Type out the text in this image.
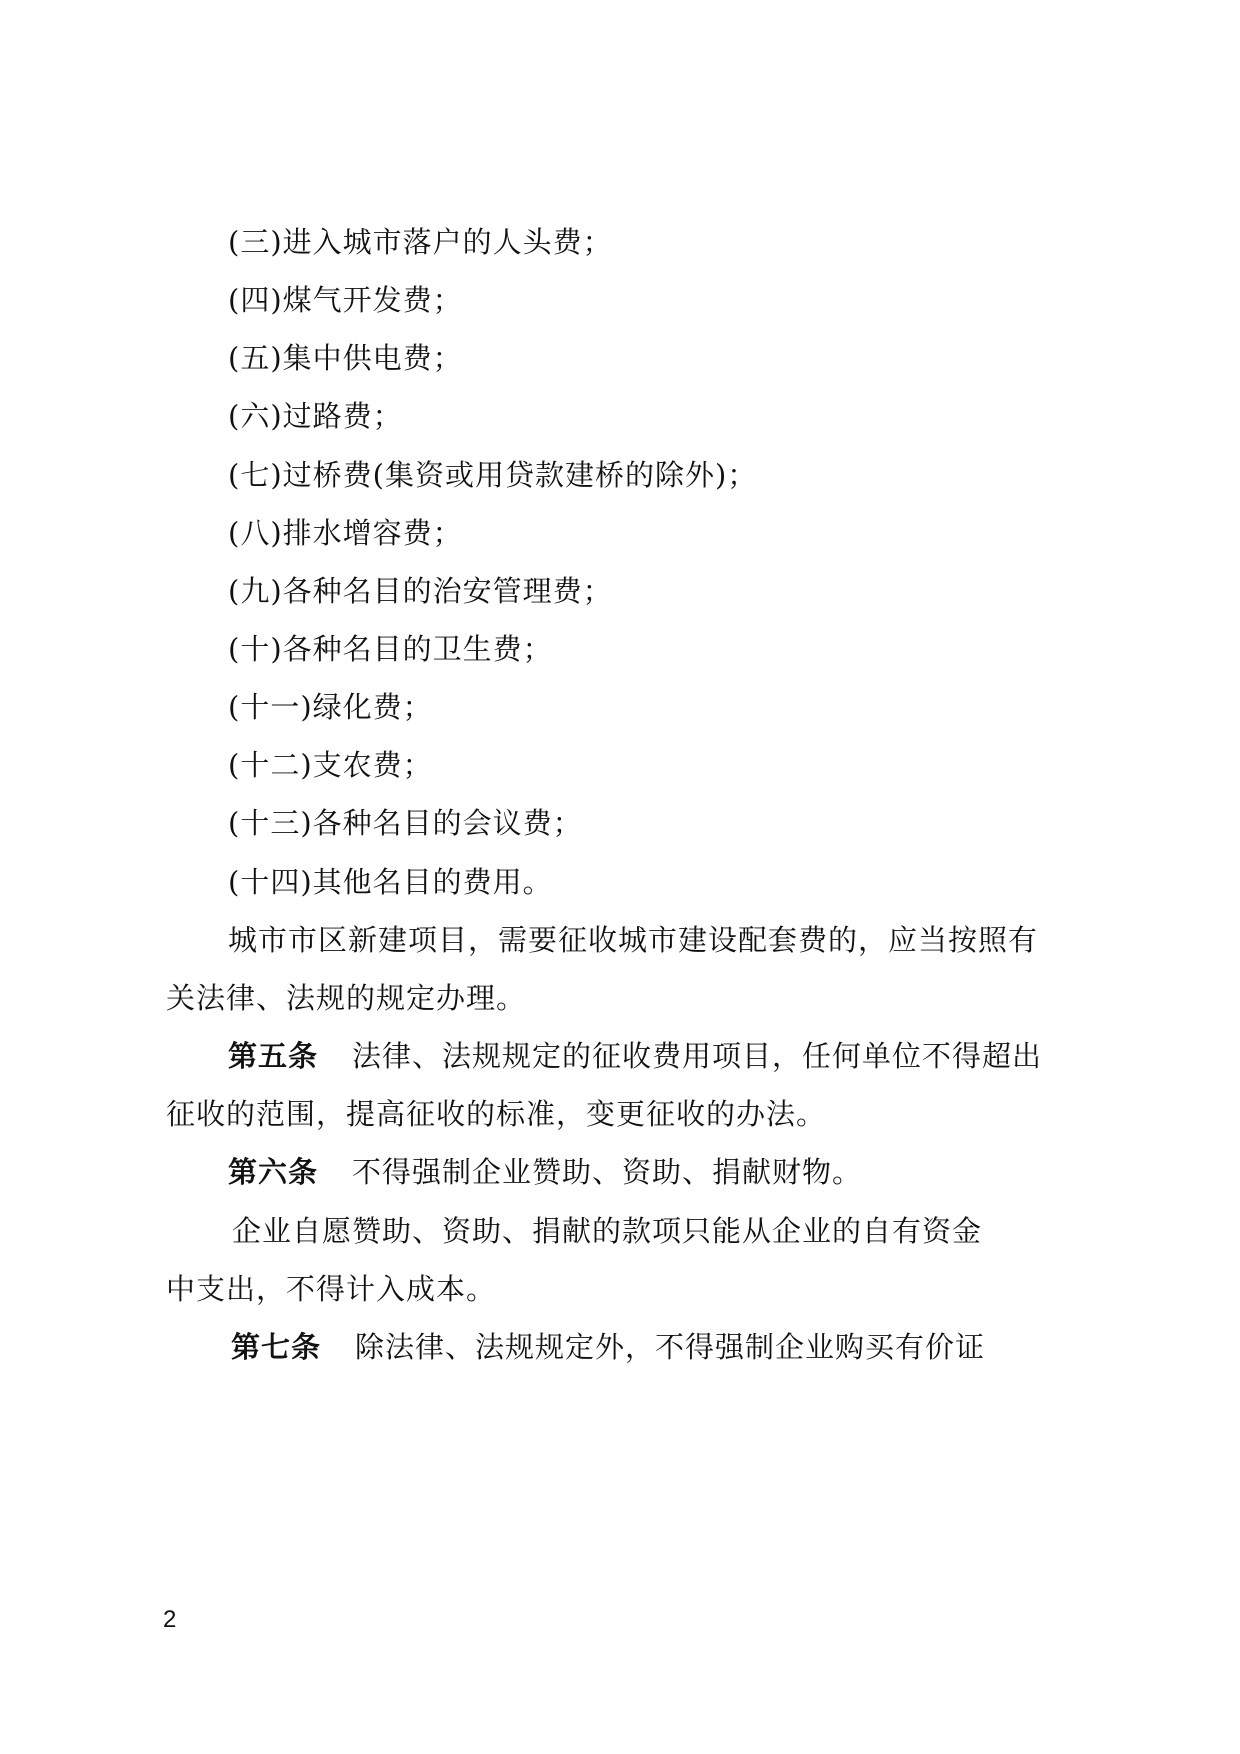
(三)进入城市落户的人头费；
(四)煤气开发费；
(五)集中供电费；
(六)过路费；
(七)过桥费(集资或用贷款建桥的除外)；
(八)排水增容费；
(九)各种名目的治安管理费；
(十)各种名目的卫生费；
(十一)绿化费；
(十二)支农费；
(十三)各种名目的会议费；
(十四)其他名目的费用。
城市市区新建项目，需要征收城市建设配套费的，应当按照有
关法律、法规的规定办理。
第五条 法律、法规规定的征收费用项目，任何单位不得超出
征收的范围，提高征收的标准，变更征收的办法。
第六条 不得强制企业赞助、资助、捐献财物。
企业自愿赞助、资助、捐献的款项只能从企业的自有资金
中支出，不得计入成本。
第七条 除法律、法规规定外，不得强制企业购买有价证
2
